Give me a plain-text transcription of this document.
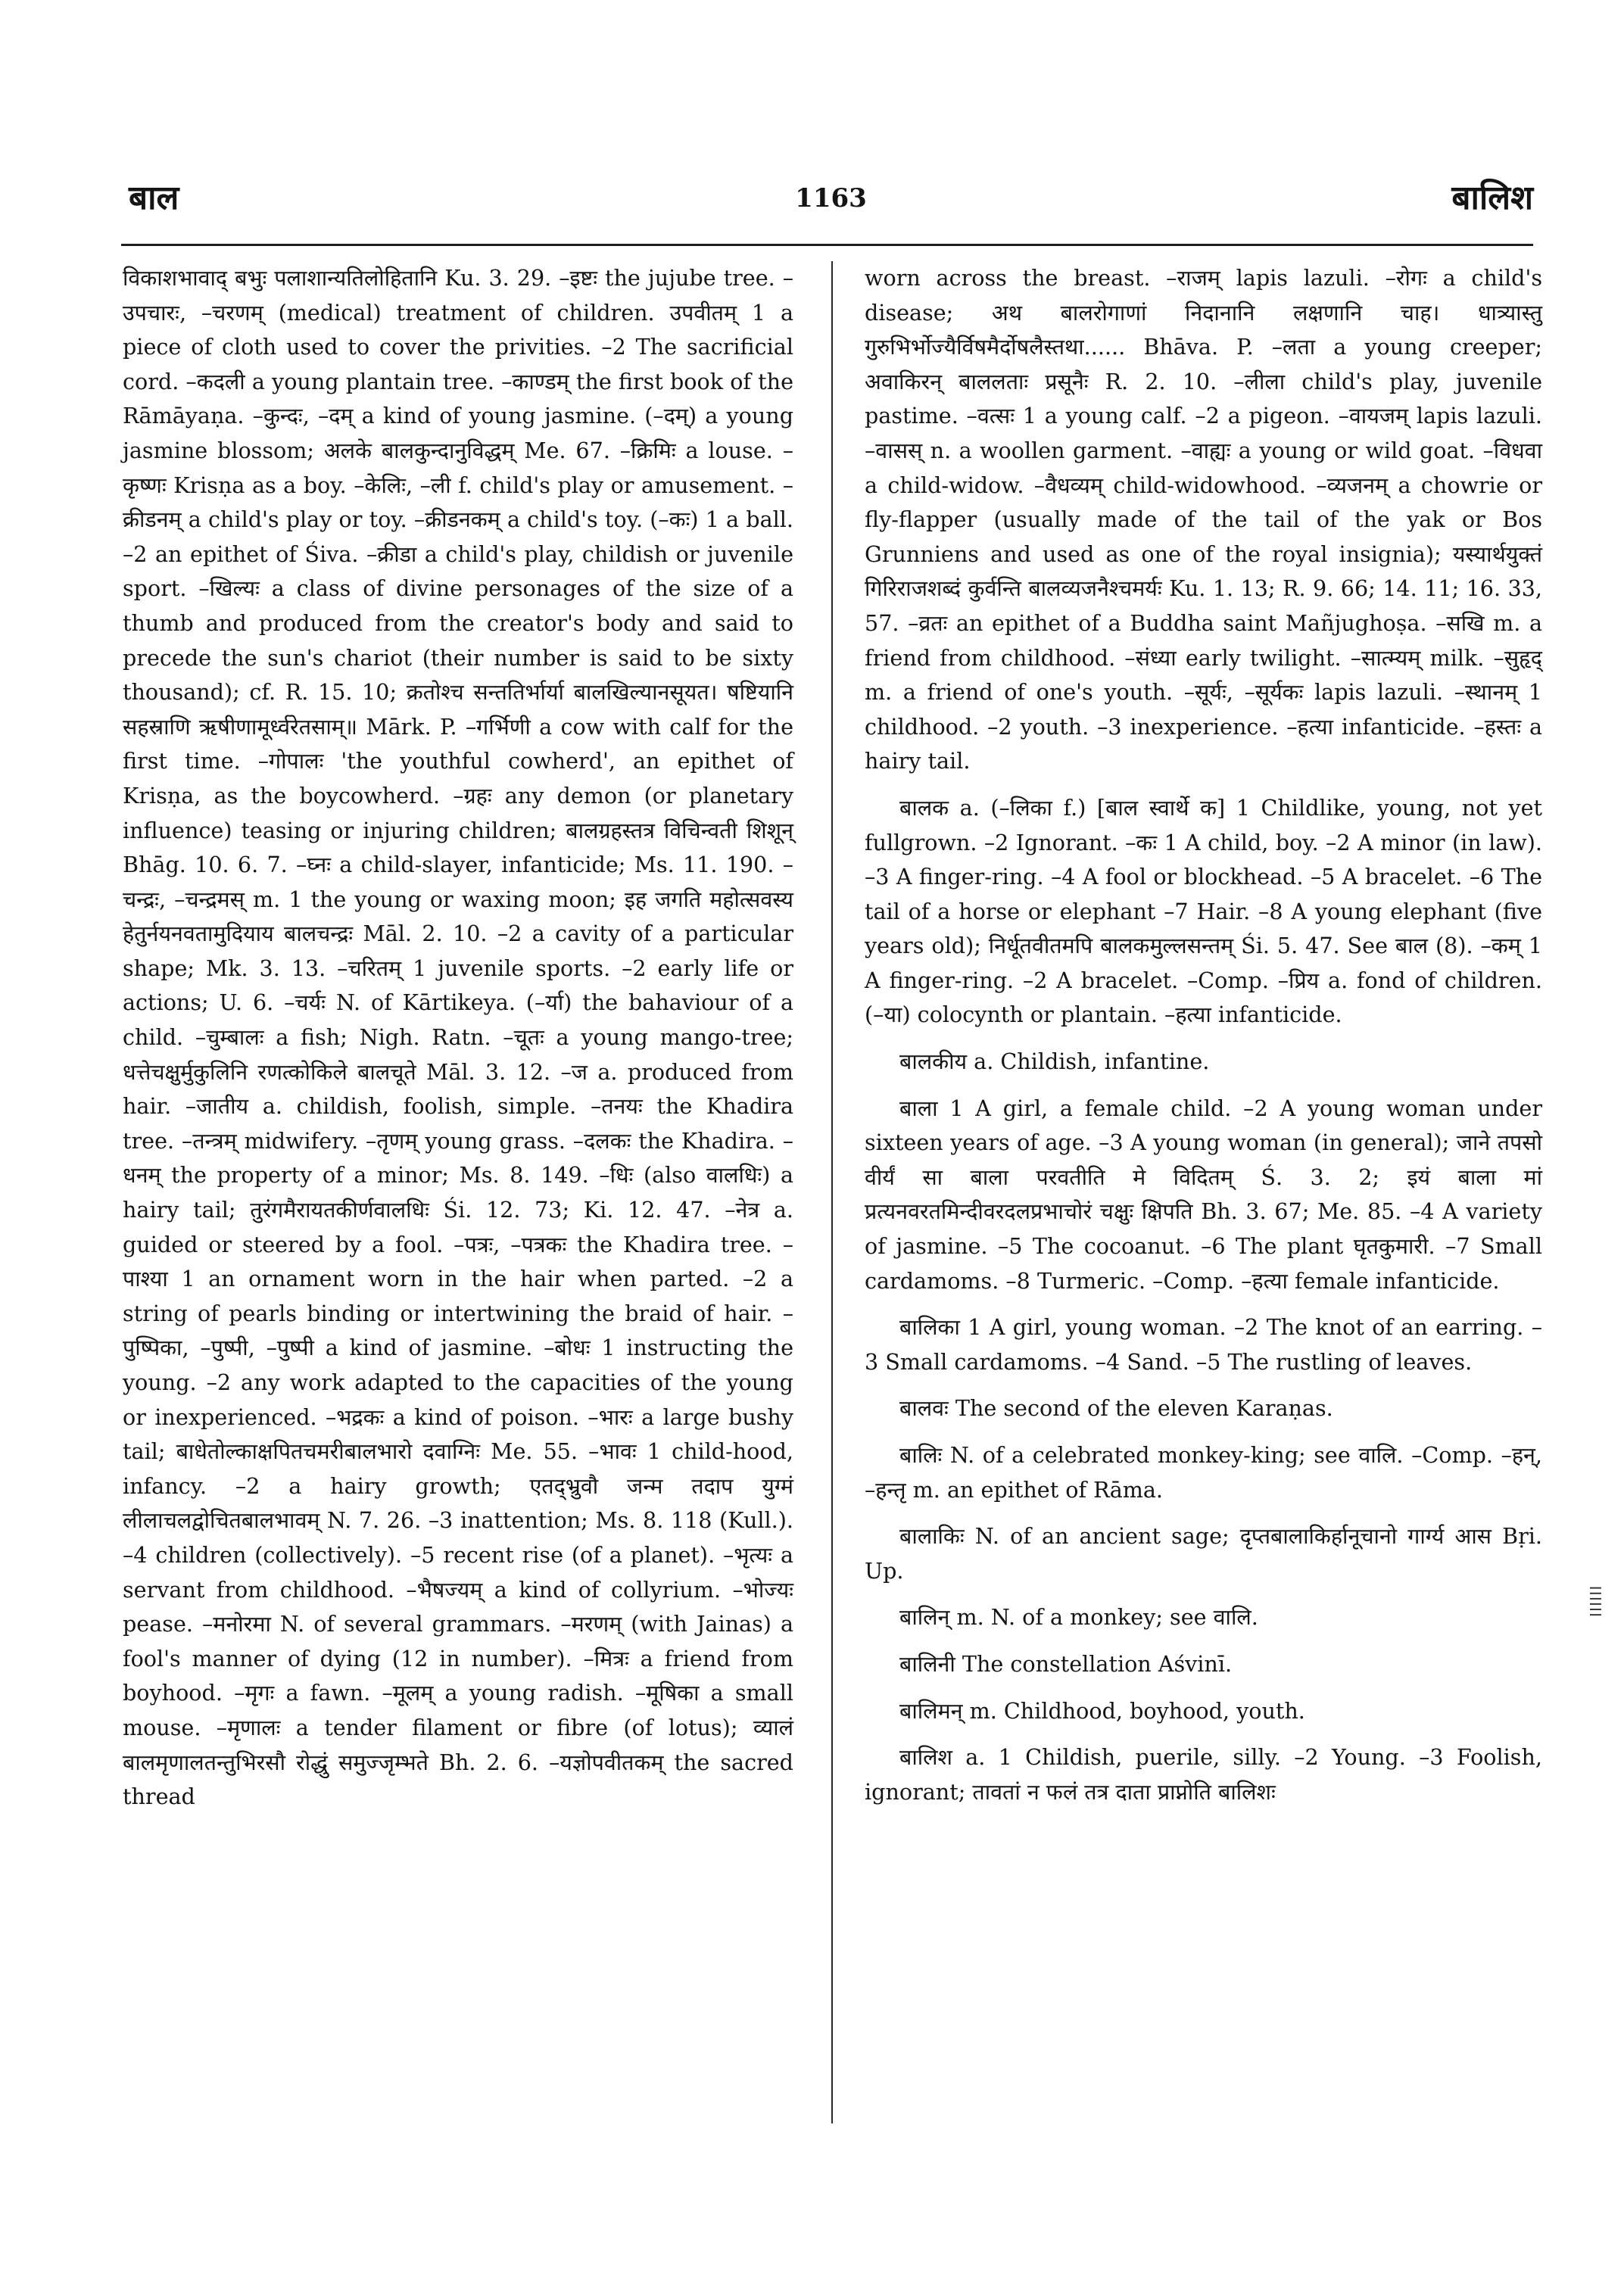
बाल	1163	बालिश

विकाशभावाद् बभुः पलाशान्यतिलोहितानि Ku. 3. 29. –इष्टः the jujube tree. –उपचारः, –चरणम् (medical) treatment of children. उपवीतम् 1 a piece of cloth used to cover the privities. –2 The sacrificial cord. –कदली a young plantain tree. –काण्डम् the first book of the Rāmāyaṇa. –कुन्दः, –दम् a kind of young jasmine. (–दम्) a young jasmine blossom; अलके बालकुन्दानुविद्धम् Me. 67. –क्रिमिः a louse. –कृष्णः Krisṇa as a boy. –केलिः, –ली f. child's play or amusement. –क्रीडनम् a child's play or toy. –क्रीडनकम् a child's toy. (–कः) 1 a ball. –2 an epithet of Śiva. –क्रीडा a child's play, childish or juvenile sport. –खिल्यः a class of divine personages of the size of a thumb and produced from the creator's body and said to precede the sun's chariot (their number is said to be sixty thousand); cf. R. 15. 10; क्रतोश्च सन्ततिर्भार्या बालखिल्यानसूयत। षष्टियानि सहस्राणि ऋषीणामूर्ध्वरेतसाम्॥ Mārk. P. –गर्भिणी a cow with calf for the first time. –गोपालः 'the youthful cowherd', an epithet of Krisṇa, as the boycowherd. –ग्रहः any demon (or planetary influence) teasing or injuring children; बालग्रहस्तत्र विचिन्वती शिशून् Bhāg. 10. 6. 7. –घ्नः a child-slayer, infanticide; Ms. 11. 190. –चन्द्रः, –चन्द्रमस् m. 1 the young or waxing moon; इह जगति महोत्सवस्य हेतुर्नयनवतामुदियाय बालचन्द्रः Māl. 2. 10. –2 a cavity of a particular shape; Mk. 3. 13. –चरितम् 1 juvenile sports. –2 early life or actions; U. 6. –चर्यः N. of Kārtikeya. (–र्या) the bahaviour of a child. –चुम्बालः a fish; Nigh. Ratn. –चूतः a young mango-tree; धत्तेचक्षुर्मुकुलिनि रणत्कोकिले बालचूते Māl. 3. 12. –ज a. produced from hair. –जातीय a. childish, foolish, simple. –तनयः the Khadira tree. –तन्त्रम् midwifery. –तृणम् young grass. –दलकः the Khadira. –धनम् the property of a minor; Ms. 8. 149. –धिः (also वालधिः) a hairy tail; तुरंगमैरायतकीर्णवालधिः Śi. 12. 73; Ki. 12. 47. –नेत्र a. guided or steered by a fool. –पत्रः, –पत्रकः the Khadira tree. –पाश्या 1 an ornament worn in the hair when parted. –2 a string of pearls binding or intertwining the braid of hair. –पुष्पिका, –पुष्पी, –पुष्पी a kind of jasmine. –बोधः 1 instructing the young. –2 any work adapted to the capacities of the young or inexperienced. –भद्रकः a kind of poison. –भारः a large bushy tail; बाधेतोल्काक्षपितचमरीबालभारो दवाग्निः Me. 55. –भावः 1 child-hood, infancy. –2 a hairy growth; एतद्भ्रुवौ जन्म तदाप युग्मं लीलाचलद्वोचितबालभावम् N. 7. 26. –3 inattention; Ms. 8. 118 (Kull.). –4 children (collectively). –5 recent rise (of a planet). –भृत्यः a servant from childhood. –भैषज्यम् a kind of collyrium. –भोज्यः pease. –मनोरमा N. of several grammars. –मरणम् (with Jainas) a fool's manner of dying (12 in number). –मित्रः a friend from boyhood. –मृगः a fawn. –मूलम् a young radish. –मूषिका a small mouse. –मृणालः a tender filament or fibre (of lotus); व्यालं बालमृणालतन्तुभिरसौ रोद्धुं समुज्जृम्भते Bh. 2. 6. –यज्ञोपवीतकम् the sacred thread

worn across the breast. –राजम् lapis lazuli. –रोगः a child's disease; अथ बालरोगाणां निदानानि लक्षणानि चाह। धात्र्यास्तु गुरुभिर्भोज्यैर्विषमैर्दोषलैस्तथा...... Bhāva. P. –लता a young creeper; अवाकिरन् बाललताः प्रसूनैः R. 2. 10. –लीला child's play, juvenile pastime. –वत्सः 1 a young calf. –2 a pigeon. –वायजम् lapis lazuli. –वासस् n. a woollen garment. –वाह्यः a young or wild goat. –विधवा a child-widow. –वैधव्यम् child-widowhood. –व्यजनम् a chowrie or fly-flapper (usually made of the tail of the yak or Bos Grunniens and used as one of the royal insignia); यस्यार्थयुक्तं गिरिराजशब्दं कुर्वन्ति बालव्यजनैश्चमर्यः Ku. 1. 13; R. 9. 66; 14. 11; 16. 33, 57. –व्रतः an epithet of a Buddha saint Mañjughoṣa. –सखि m. a friend from childhood. –संध्या early twilight. –सात्म्यम् milk. –सुहृद् m. a friend of one's youth. –सूर्यः, –सूर्यकः lapis lazuli. –स्थानम् 1 childhood. –2 youth. –3 inexperience. –हत्या infanticide. –हस्तः a hairy tail.

बालक a. (–लिका f.) [बाल स्वार्थे क] 1 Childlike, young, not yet fullgrown. –2 Ignorant. –कः 1 A child, boy. –2 A minor (in law). –3 A finger-ring. –4 A fool or blockhead. –5 A bracelet. –6 The tail of a horse or elephant –7 Hair. –8 A young elephant (five years old); निर्धूतवीतमपि बालकमुल्लसन्तम् Śi. 5. 47. See बाल (8). –कम् 1 A finger-ring. –2 A bracelet. –Comp. –प्रिय a. fond of children. (–या) colocynth or plantain. –हत्या infanticide.

बालकीय a. Childish, infantine.

बाला 1 A girl, a female child. –2 A young woman under sixteen years of age. –3 A young woman (in general); जाने तपसो वीर्यं सा बाला परवतीति मे विदितम् Ś. 3. 2; इयं बाला मां प्रत्यनवरतमिन्दीवरदलप्रभाचोरं चक्षुः क्षिपति Bh. 3. 67; Me. 85. –4 A variety of jasmine. –5 The cocoanut. –6 The plant घृतकुमारी. –7 Small cardamoms. –8 Turmeric. –Comp. –हत्या female infanticide.

बालिका 1 A girl, young woman. –2 The knot of an earring. –3 Small cardamoms. –4 Sand. –5 The rustling of leaves.

बालवः The second of the eleven Karaṇas.

बालिः N. of a celebrated monkey-king; see वालि. –Comp. –हन्, –हन्तृ m. an epithet of Rāma.

बालाकिः N. of an ancient sage; दृप्तबालाकिर्हानूचानो गार्ग्य आस Bṛi. Up.

बालिन् m. N. of a monkey; see वालि.

बालिनी The constellation Aśvinī.

बालिमन् m. Childhood, boyhood, youth.

बालिश a. 1 Childish, puerile, silly. –2 Young. –3 Foolish, ignorant; तावतां न फलं तत्र दाता प्राप्नोति बालिशः

।।।।।।
